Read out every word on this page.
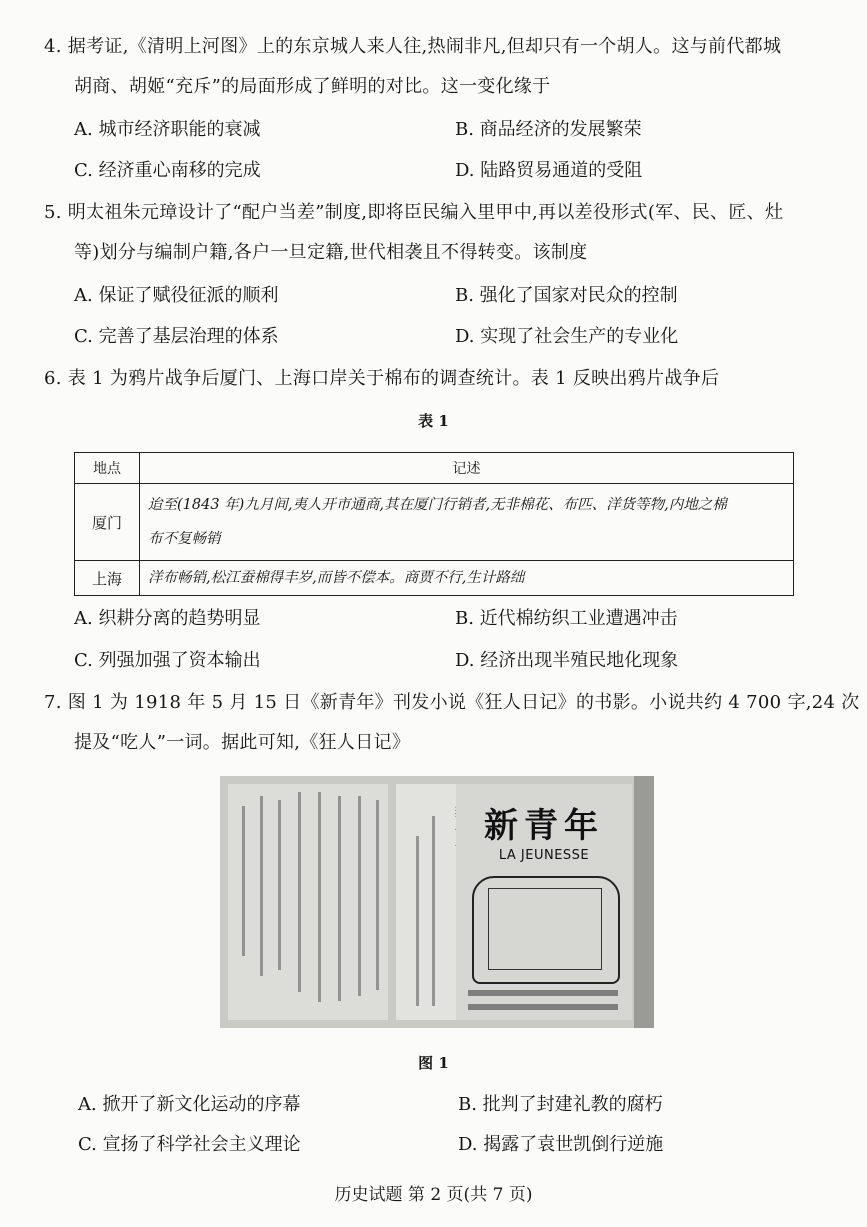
4. 据考证,《清明上河图》上的东京城人来人往,热闹非凡,但却只有一个胡人。这与前代都城
胡商、胡姬“充斥”的局面形成了鲜明的对比。这一变化缘于
A. 城市经济职能的衰减	B. 商品经济的发展繁荣
C. 经济重心南移的完成	D. 陆路贸易通道的受阻
5. 明太祖朱元璋设计了“配户当差”制度,即将臣民编入里甲中,再以差役形式(军、民、匠、灶
等)划分与编制户籍,各户一旦定籍,世代相袭且不得转变。该制度
A. 保证了赋役征派的顺利	B. 强化了国家对民众的控制
C. 完善了基层治理的体系	D. 实现了社会生产的专业化
6. 表 1 为鸦片战争后厦门、上海口岸关于棉布的调查统计。表 1 反映出鸦片战争后
表 1
地点	记述
厦门	迨至(1843 年)九月间,夷人开市通商,其在厦门行销者,无非棉花、布匹、洋货等物,内地之棉
布不复畅销

上海	洋布畅销,松江蚕棉得丰岁,而皆不偿本。商贾不行,生计路绌
A. 织耕分离的趋势明显	B. 近代棉纺织工业遭遇冲击
C. 列强加强了资本输出	D. 经济出现半殖民地化现象
7. 图 1 为 1918 年 5 月 15 日《新青年》刊发小说《狂人日记》的书影。小说共约 4 700 字,24 次
提及“吃人”一词。据此可知,《狂人日记》
新青年
LA JEUNESSE
图 1
A. 掀开了新文化运动的序幕	B. 批判了封建礼教的腐朽
C. 宣扬了科学社会主义理论	D. 揭露了袁世凯倒行逆施
历史试题 第 2 页(共 7 页)
